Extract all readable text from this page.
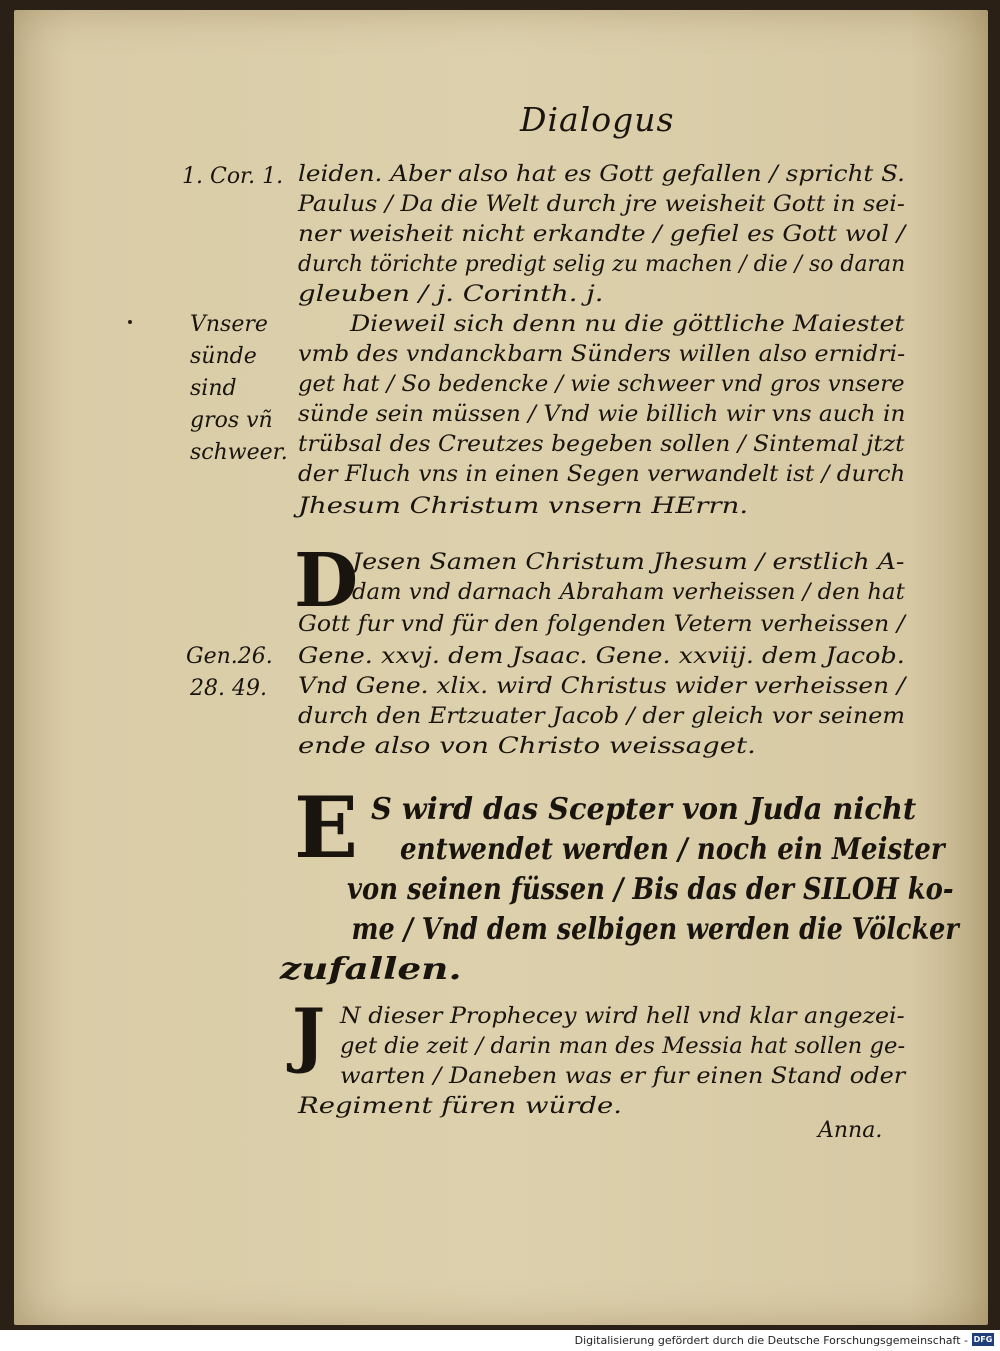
Dialogus
1. Cor. 1.
Vnsere
sünde
sind
gros vñ
schweer.
Gen.26.
28. 49.
leiden. Aber also hat es Gott gefallen / spricht S.
Paulus / Da die Welt durch jre weisheit Gott in sei-
ner weisheit nicht erkandte / gefiel es Gott wol /
durch törichte predigt selig zu machen / die / so daran
gleuben / j. Corinth. j.
Dieweil sich denn nu die göttliche Maiestet
vmb des vndanckbarn Sünders willen also ernidri-
get hat / So bedencke / wie schweer vnd gros vnsere
sünde sein müssen / Vnd wie billich wir vns auch in
trübsal des Creutzes begeben sollen / Sintemal jtzt
der Fluch vns in einen Segen verwandelt ist / durch
Jhesum Christum vnsern HErrn.
D
Jesen Samen Christum Jhesum / erstlich A-
dam vnd darnach Abraham verheissen / den hat
Gott fur vnd für den folgenden Vetern verheissen /
Gene. xxvj. dem Jsaac. Gene. xxviij. dem Jacob.
Vnd Gene. xlix. wird Christus wider verheissen /
durch den Ertzuater Jacob / der gleich vor seinem
ende also von Christo weissaget.
E S wird das Scepter von Juda nicht
entwendet werden / noch ein Meister
von seinen füssen / Bis das der SILOH ko-
me / Vnd dem selbigen werden die Völcker
zufallen.
J N dieser Prophecey wird hell vnd klar angezei-
get die zeit / darin man des Messia hat sollen ge-
warten / Daneben was er fur einen Stand oder
Regiment füren würde.
Anna.
Digitalisierung gefördert durch die Deutsche Forschungsgemeinschaft - DFG
